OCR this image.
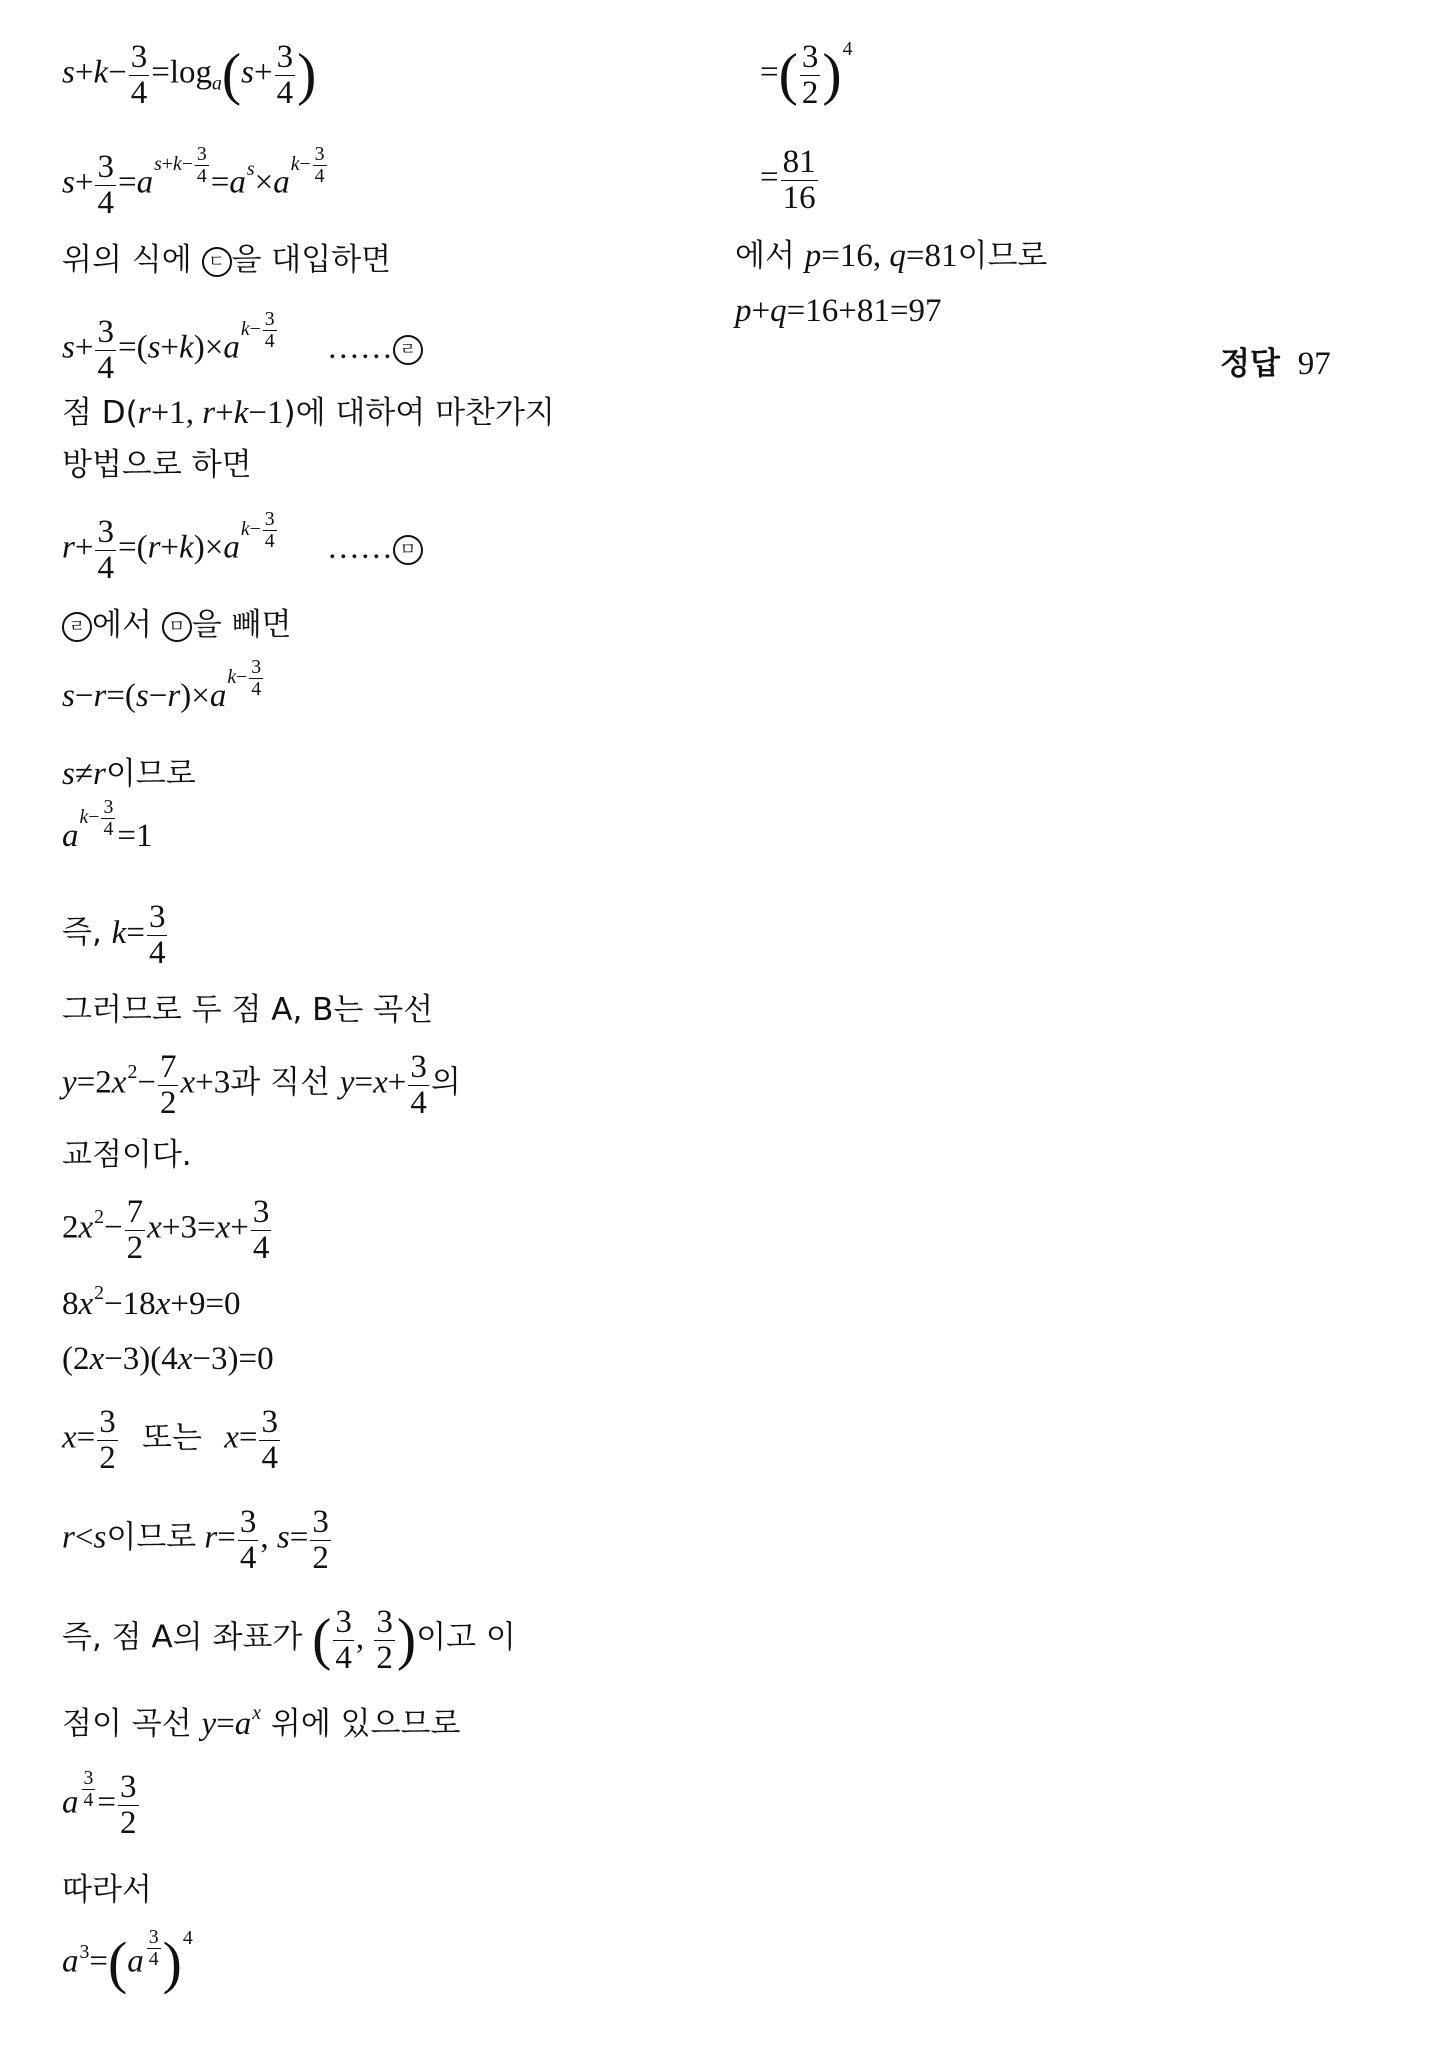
$s+k- \frac{3}{4} =\log_a(s+ \frac{3}{4}$ )
$s+ \frac{3}{4} =a^{s+k- \frac{3}{4}} =a^s\times a^{k- \frac{3}{4}}$
위의 식에 ㄷ 을 대입하면
$s+ \frac{3}{4} =(s+k)\times a^{k- \frac{3}{4}}$ …… ㄹ
점 D(r+1, r+k−1)에 대하여 마찬가지
방법으로 하면
$r+ \frac{3}{4} =(r+k)\times a^{k- \frac{3}{4}}$ …… ㅁ
ㄹ 에서 ㅁ 을 빼면
$s-r=(s-r)\times a^{k- \frac{3}{4}}$
s≠r이므로
$a^{k- \frac{3}{4}} =1$
즉, $k= \frac{3}{4}$
그러므로 두 점 A, B는 곡선
$y=2x^2- \frac{7}{2} x+3$과 직선 $y=x+ \frac{3}{4}$ 의
교점이다.
$2x^2- \frac{7}{2} x+3=x+ \frac{3}{4}$
$8x^2-18x+9=0$
(2x−3)(4x−3)=0
$x= \frac{3}{2}$ 또는 $x= \frac{3}{4}$
r<s이므로 $r= \frac{3}{4}$ , $s= \frac{3}{2}$
즉, 점 A의 좌표가 ( $\frac{3}{4}$ , $\frac{3}{2}$ )이고 이
점이 곡선 $y=a^x$ 위에 있으므로
a $^{\frac{3}{4}} = \frac{3}{2}$
따라서
$a^3=(a$ $^{\frac{3}{4}}$ )$^4$
=( $\frac{3}{2} )^4$
= $\frac{81}{16}$
에서 p=16, q=81이므로
p+q=16+81=97
정답 97
